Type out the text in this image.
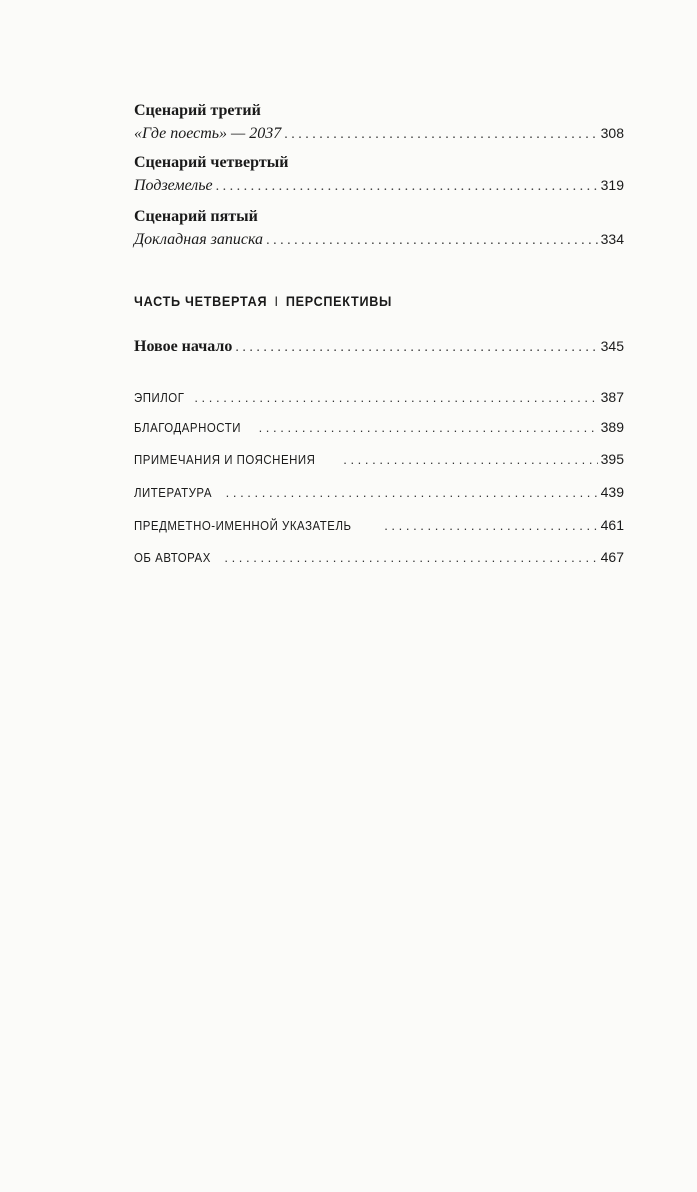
Сценарий третий
«Где поесть» — 2037 . . .	308
Сценарий четвертый
Подземелье . . .	319
Сценарий пятый
Докладная записка . . .	334
ЧАСТЬ ЧЕТВЕРТАЯ I ПЕРСПЕКТИВЫ
Новое начало . . .	345
ЭПИЛОГ . . .	387
БЛАГОДАРНОСТИ . . .	389
ПРИМЕЧАНИЯ И ПОЯСНЕНИЯ . . .	395
ЛИТЕРАТУРА . . .	439
ПРЕДМЕТНО-ИМЕННОЙ УКАЗАТЕЛЬ . . .	461
ОБ АВТОРАХ . . .	467
